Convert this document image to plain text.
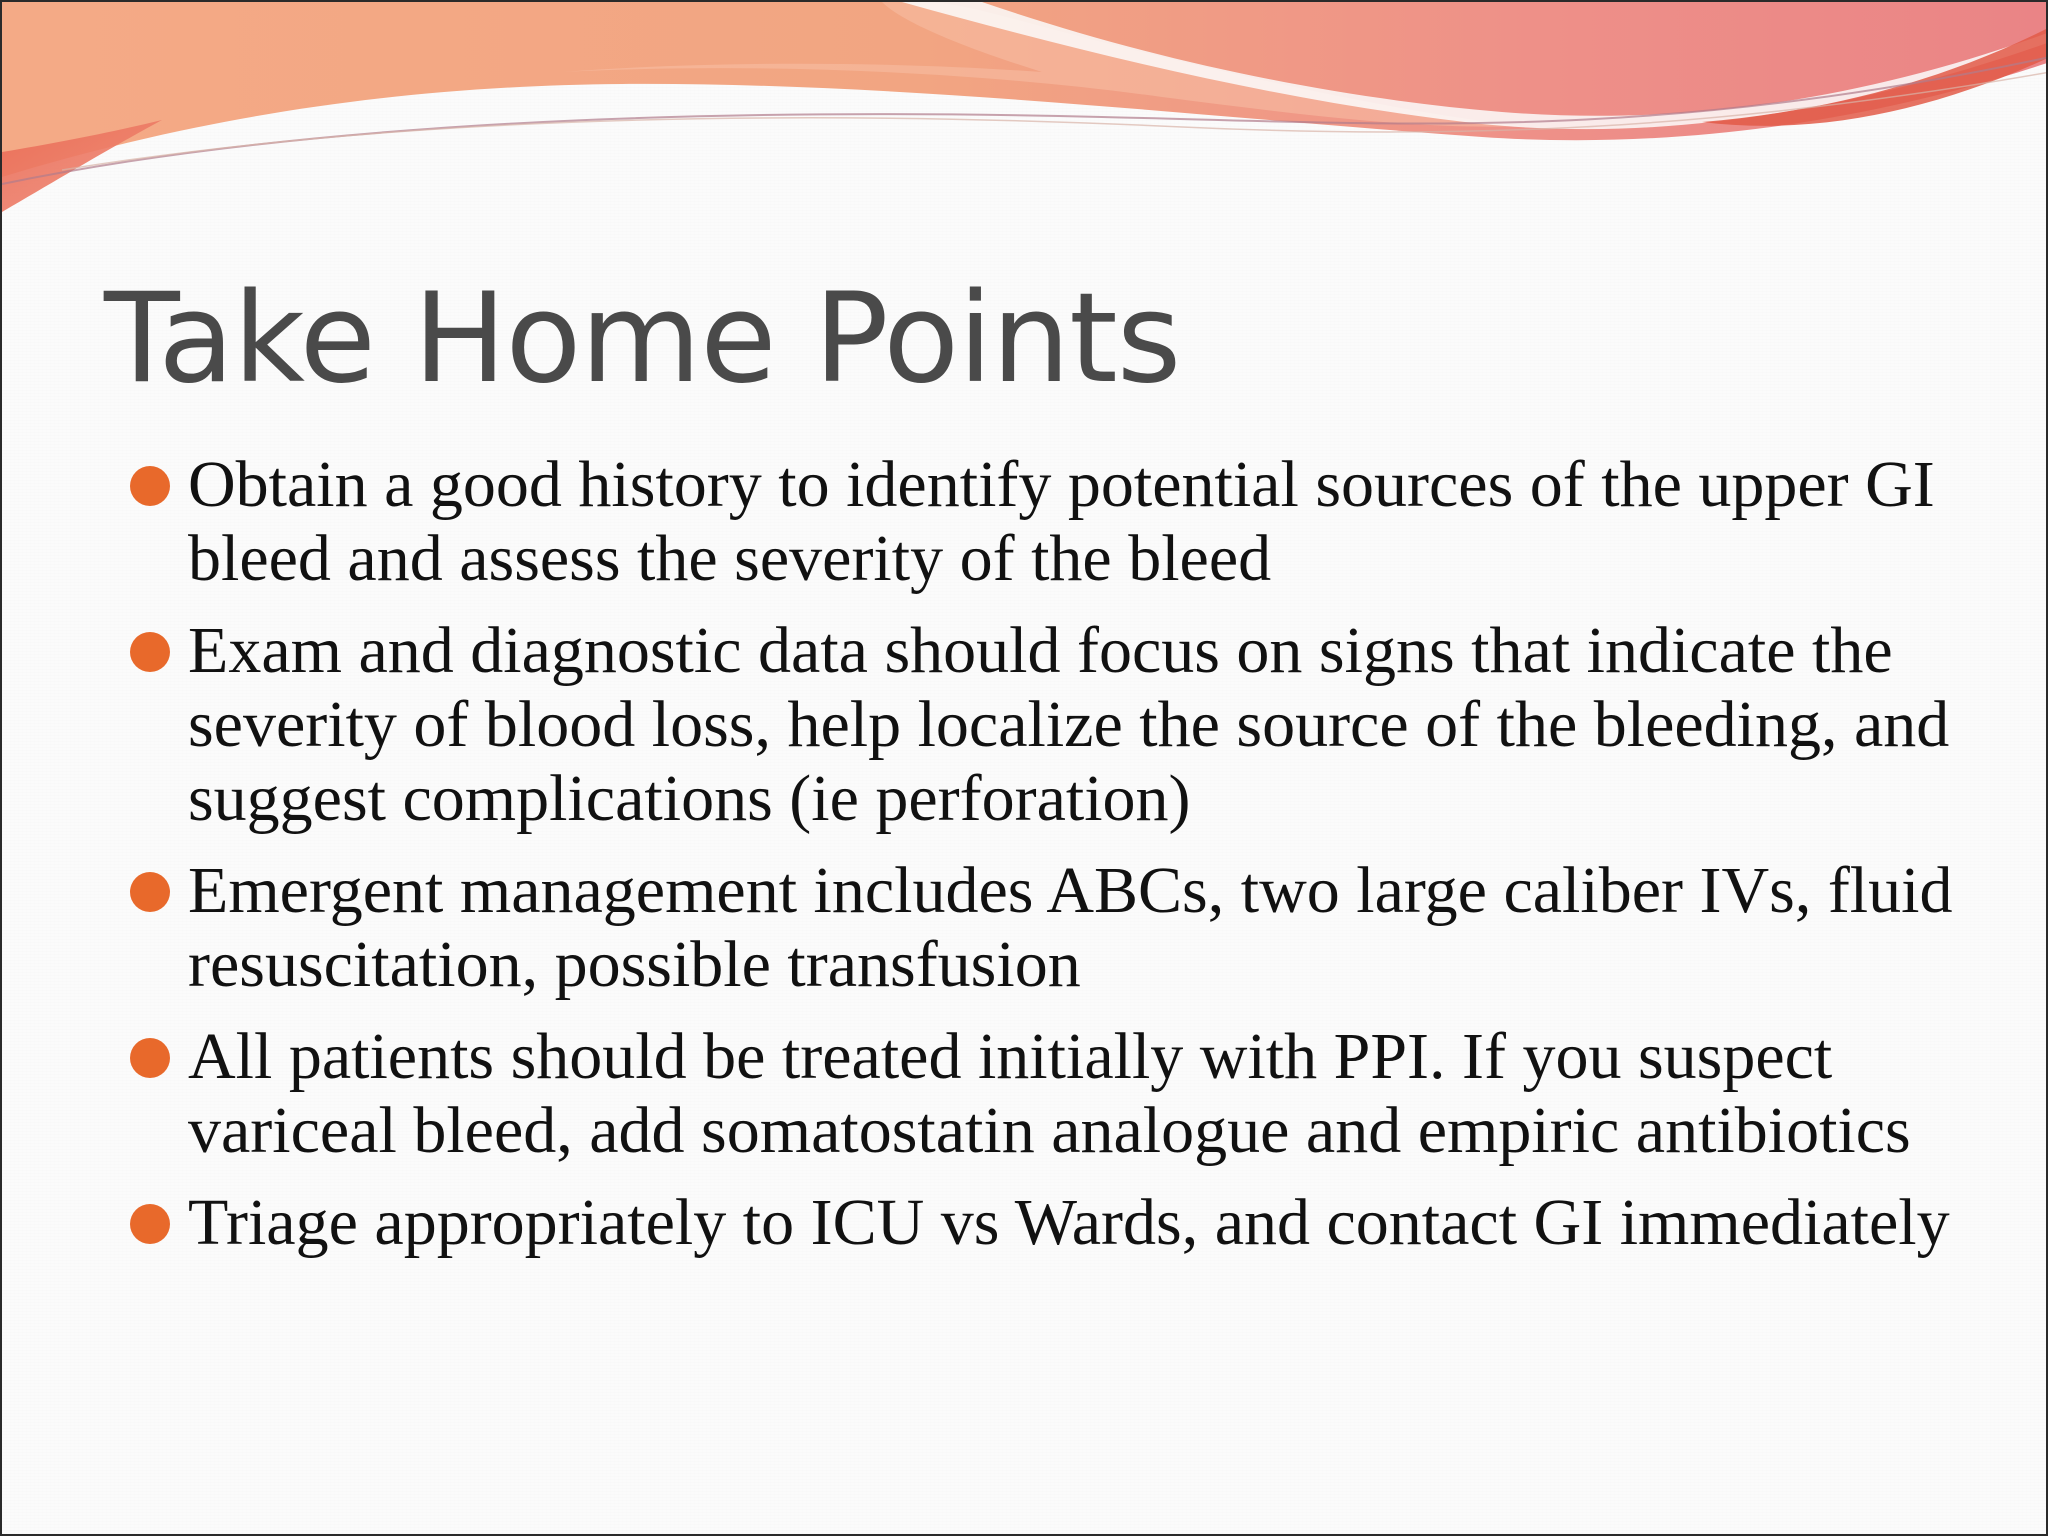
Take Home Points
Obtain a good history to identify potential sources of the upper GI bleed and assess the severity of the bleed
Exam and diagnostic data should focus on signs that indicate the severity of blood loss, help localize the source of the bleeding, and suggest complications (ie perforation)
Emergent management includes ABCs, two large caliber IVs, fluid resuscitation, possible transfusion
All patients should be treated initially with PPI. If you suspect variceal bleed, add somatostatin analogue and empiric antibiotics
Triage appropriately to ICU vs Wards, and contact GI immediately
